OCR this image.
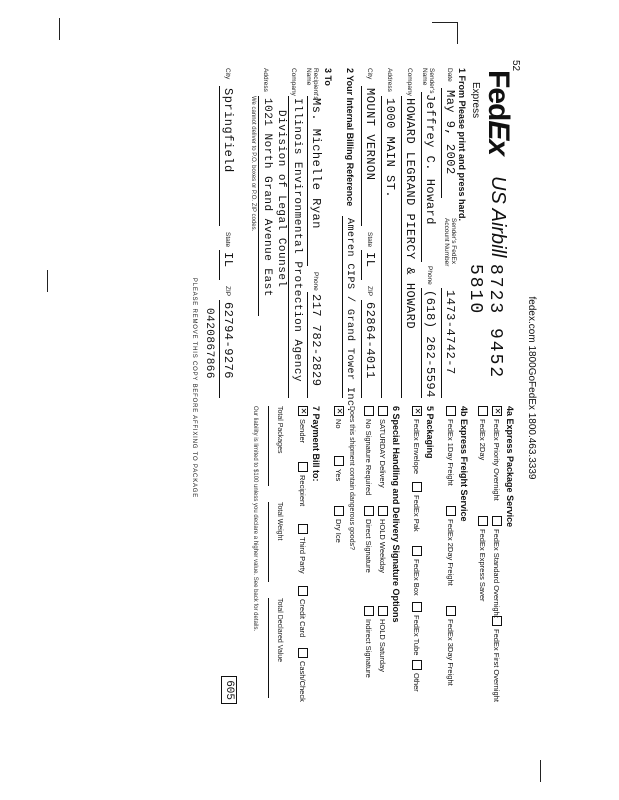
fedex.com 1800GoFedEx 1800.463.3339
FedEx
Express
US Airbill
8723 9452 5810
1 From Please print and press hard.
Date
May 9, 2002
Sender's FedEx Account Number
1473-4742-7
Sender's Name
Jeffrey C. Howard
Phone
(618) 262-5594
Company
HOWARD LEGRAND PIERCY & HOWARD
Address
1000 MAIN ST.
City
MOUNT VERNON
State
IL
ZIP
62864-4011
2 Your Internal Billing Reference
Ameren CIPS / Grand Tower Inc.
3 To
Recipient's Name
Ms. Michelle Ryan
Phone
217 782-2829
Company
Illinois Environmental Protection Agency
Division of Legal Counsel
Address
1021 North Grand Avenue East
We cannot deliver to P.O. boxes or P.O. ZIP codes.
City
Springfield
State
IL
ZIP
62794-9276
0420867866
4a Express Package Service
✕FedEx Priority Overnight
FedEx Standard Overnight
FedEx First Overnight
FedEx 2Day
FedEx Express Saver
4b Express Freight Service
FedEx 1Day Freight
FedEx 2Day Freight
FedEx 3Day Freight
5 Packaging
✕FedEx Envelope
FedEx Pak
FedEx Box
FedEx Tube
Other
6 Special Handling and Delivery Signature Options
SATURDAY Delivery
HOLD Weekday
HOLD Saturday
No Signature Required
Direct Signature
Indirect Signature
Does this shipment contain dangerous goods?
✕No
Yes
Dry Ice
7 Payment Bill to:
✕Sender
Recipient
Third Party
Credit Card
Cash/Check
Total Packages
Total Weight
Total Declared Value
Our liability is limited to $100 unless you declare a higher value. See back for details.
605
PLEASE REMOVE THIS COPY BEFORE AFFIXING TO PACKAGE
52
